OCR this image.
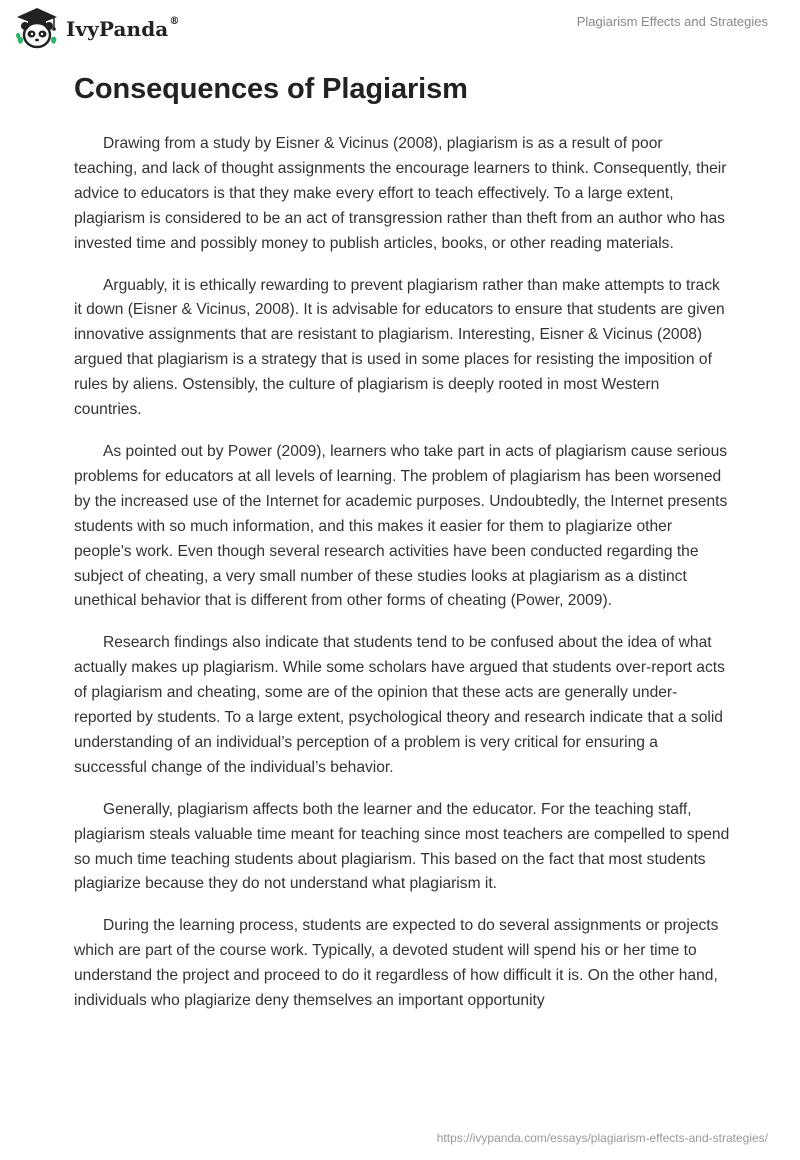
IvyPanda®	Plagiarism Effects and Strategies
Consequences of Plagiarism

Drawing from a study by Eisner & Vicinus (2008), plagiarism is as a result of poor teaching, and lack of thought assignments the encourage learners to think. Consequently, their advice to educators is that they make every effort to teach effectively. To a large extent, plagiarism is considered to be an act of transgression rather than theft from an author who has invested time and possibly money to publish articles, books, or other reading materials.

Arguably, it is ethically rewarding to prevent plagiarism rather than make attempts to track it down (Eisner & Vicinus, 2008). It is advisable for educators to ensure that students are given innovative assignments that are resistant to plagiarism. Interesting, Eisner & Vicinus (2008) argued that plagiarism is a strategy that is used in some places for resisting the imposition of rules by aliens. Ostensibly, the culture of plagiarism is deeply rooted in most Western countries.

As pointed out by Power (2009), learners who take part in acts of plagiarism cause serious problems for educators at all levels of learning. The problem of plagiarism has been worsened by the increased use of the Internet for academic purposes. Undoubtedly, the Internet presents students with so much information, and this makes it easier for them to plagiarize other people's work. Even though several research activities have been conducted regarding the subject of cheating, a very small number of these studies looks at plagiarism as a distinct unethical behavior that is different from other forms of cheating (Power, 2009).

Research findings also indicate that students tend to be confused about the idea of what actually makes up plagiarism. While some scholars have argued that students over-report acts of plagiarism and cheating, some are of the opinion that these acts are generally under-reported by students. To a large extent, psychological theory and research indicate that a solid understanding of an individual’s perception of a problem is very critical for ensuring a successful change of the individual’s behavior.

Generally, plagiarism affects both the learner and the educator. For the teaching staff, plagiarism steals valuable time meant for teaching since most teachers are compelled to spend so much time teaching students about plagiarism. This based on the fact that most students plagiarize because they do not understand what plagiarism it.

During the learning process, students are expected to do several assignments or projects which are part of the course work. Typically, a devoted student will spend his or her time to understand the project and proceed to do it regardless of how difficult it is. On the other hand, individuals who plagiarize deny themselves an important opportunity

https://ivypanda.com/essays/plagiarism-effects-and-strategies/
